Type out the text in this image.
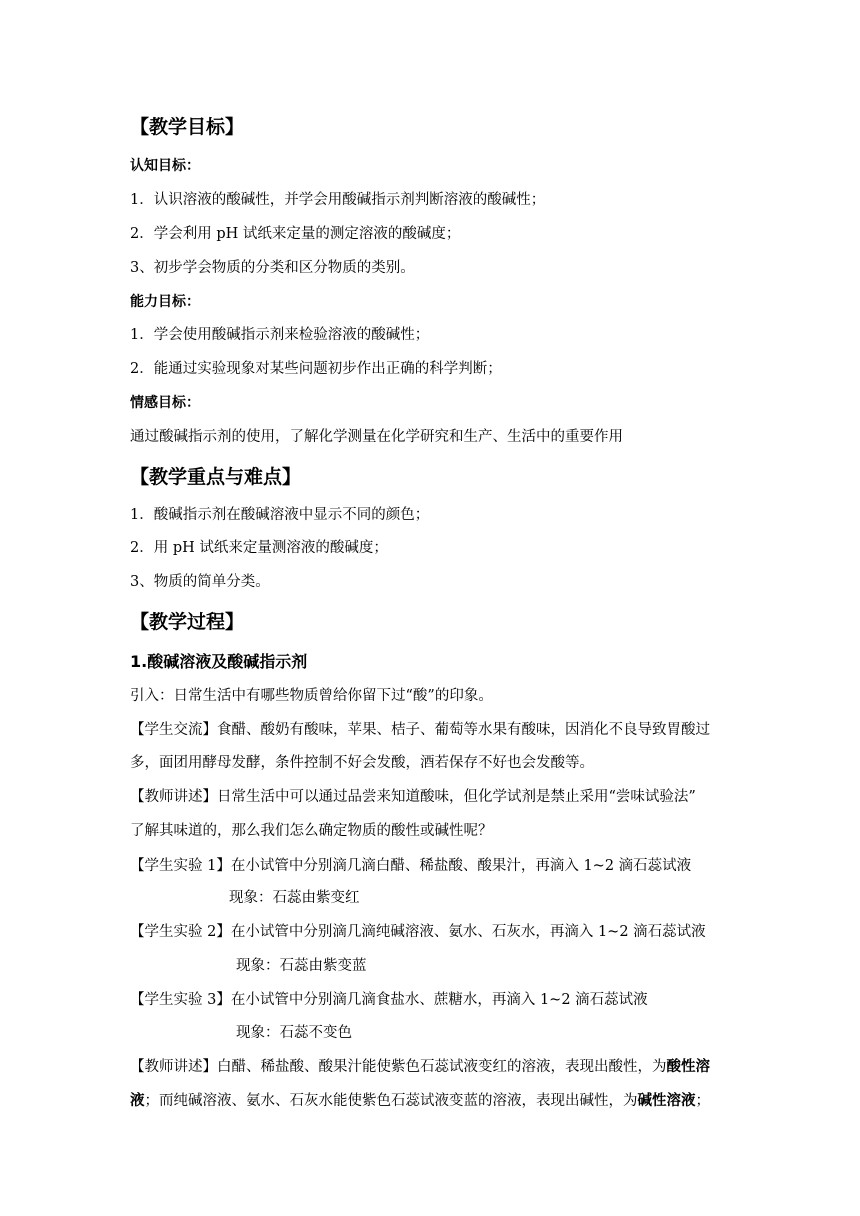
【教学目标】
认知目标：
1．认识溶液的酸碱性，并学会用酸碱指示剂判断溶液的酸碱性；
2．学会利用 pH 试纸来定量的测定溶液的酸碱度；
3、初步学会物质的分类和区分物质的类别。
能力目标：
1．学会使用酸碱指示剂来检验溶液的酸碱性；
2．能通过实验现象对某些问题初步作出正确的科学判断；
情感目标：
通过酸碱指示剂的使用，了解化学测量在化学研究和生产、生活中的重要作用
【教学重点与难点】
1．酸碱指示剂在酸碱溶液中显示不同的颜色；
2．用 pH 试纸来定量测溶液的酸碱度；
3、物质的简单分类。
【教学过程】
1.酸碱溶液及酸碱指示剂
引入：日常生活中有哪些物质曾给你留下过“酸”的印象。
【学生交流】食醋、酸奶有酸味，苹果、桔子、葡萄等水果有酸味，因消化不良导致胃酸过
多，面团用酵母发酵，条件控制不好会发酸，酒若保存不好也会发酸等。
【教师讲述】日常生活中可以通过品尝来知道酸味，但化学试剂是禁止采用“尝味试验法”
了解其味道的，那么我们怎么确定物质的酸性或碱性呢？
【学生实验 1】在小试管中分别滴几滴白醋、稀盐酸、酸果汁，再滴入 1~2 滴石蕊试液
现象：石蕊由紫变红
【学生实验 2】在小试管中分别滴几滴纯碱溶液、氨水、石灰水，再滴入 1~2 滴石蕊试液
现象：石蕊由紫变蓝
【学生实验 3】在小试管中分别滴几滴食盐水、蔗糖水，再滴入 1~2 滴石蕊试液
现象：石蕊不变色
【教师讲述】白醋、稀盐酸、酸果汁能使紫色石蕊试液变红的溶液，表现出酸性，为酸性溶
液；而纯碱溶液、氨水、石灰水能使紫色石蕊试液变蓝的溶液，表现出碱性，为碱性溶液；
